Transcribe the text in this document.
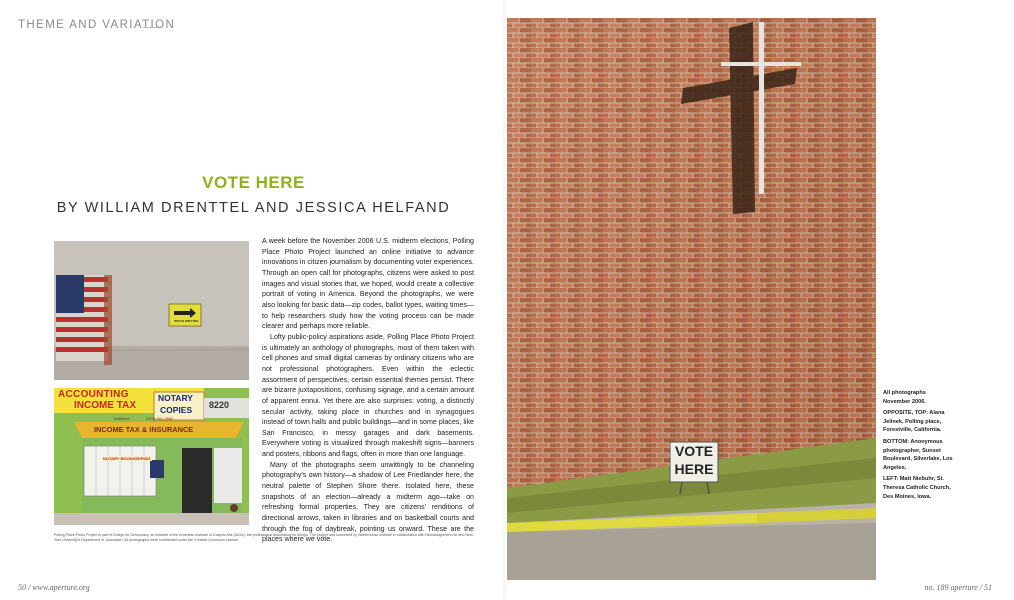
THEME AND VARIATION
VOTE HERE
BY WILLIAM DRENTTEL AND JESSICA HELFAND
POLLING PLACE
ACCOUNTING
INCOME TAX
NOTARY
COPIES 8220
INCOME TAX & INSURANCE
Kathleen	(323) 661-2662
NOTARY BOOKKEEPING

A week before the November 2006 U.S. midterm elections, Polling Place Photo Project launched an online initiative to advance innovations in citizen journalism by documenting voter experiences. Through an open call for photographs, citizens were asked to post images and visual stories that, we hoped, would create a collective portrait of voting in America. Beyond the photographs, we were also looking for basic data—zip codes, ballot types, waiting times—to help researchers study how the voting process can be made clearer and perhaps more reliable.

Lofty public-policy aspirations aside, Polling Place Photo Project is ultimately an anthology of photographs, most of them taken with cell phones and small digital cameras by ordinary citizens who are not professional photographers. Even within the eclectic assortment of perspectives, certain essential themes persist. There are bizarre juxtapositions, confusing signage, and a certain amount of apparent ennui. Yet there are also surprises: voting, a distinctly secular activity, taking place in churches and in synagogues instead of town halls and public buildings—and in some places, like San Francisco, in messy garages and dark basements. Everywhere voting is visualized through makeshift signs—banners and posters, ribbons and flags, often in more than one language.

Many of the photographs seem unwittingly to be channeling photography's own history—a shadow of Lee Friedlander here, the neutral palette of Stephen Shore there. Isolated here, these snapshots of an election—already a midterm ago—take on refreshing formal properties. They are citizens' renditions of directional arrows, taken in libraries and on basketball courts and through the fog of daybreak, pointing us onward. These are the places where we vote.

Polling Place Photo Project is part of Design for Democracy, an initiative of the American Institute of Graphic Arts (AIGA), the professional association for design. The project was conceived by Winterhouse Institute in collaboration with NewAssignment.net and New York University's Department of Journalism. All photographs were contributed under the Creative Commons License.
50 / www.aperture.org
VOTE
HERE
All photographs November 2006.
OPPOSITE, TOP: Alana Jelinek, Polling place, Forestville, California.
BOTTOM: Anonymous photographer, Sunset Boulevard, Silverlake, Los Angeles.
LEFT: Matt Niebuhr, St. Theresa Catholic Church, Des Moines, Iowa.
no. 189 aperture / 51
